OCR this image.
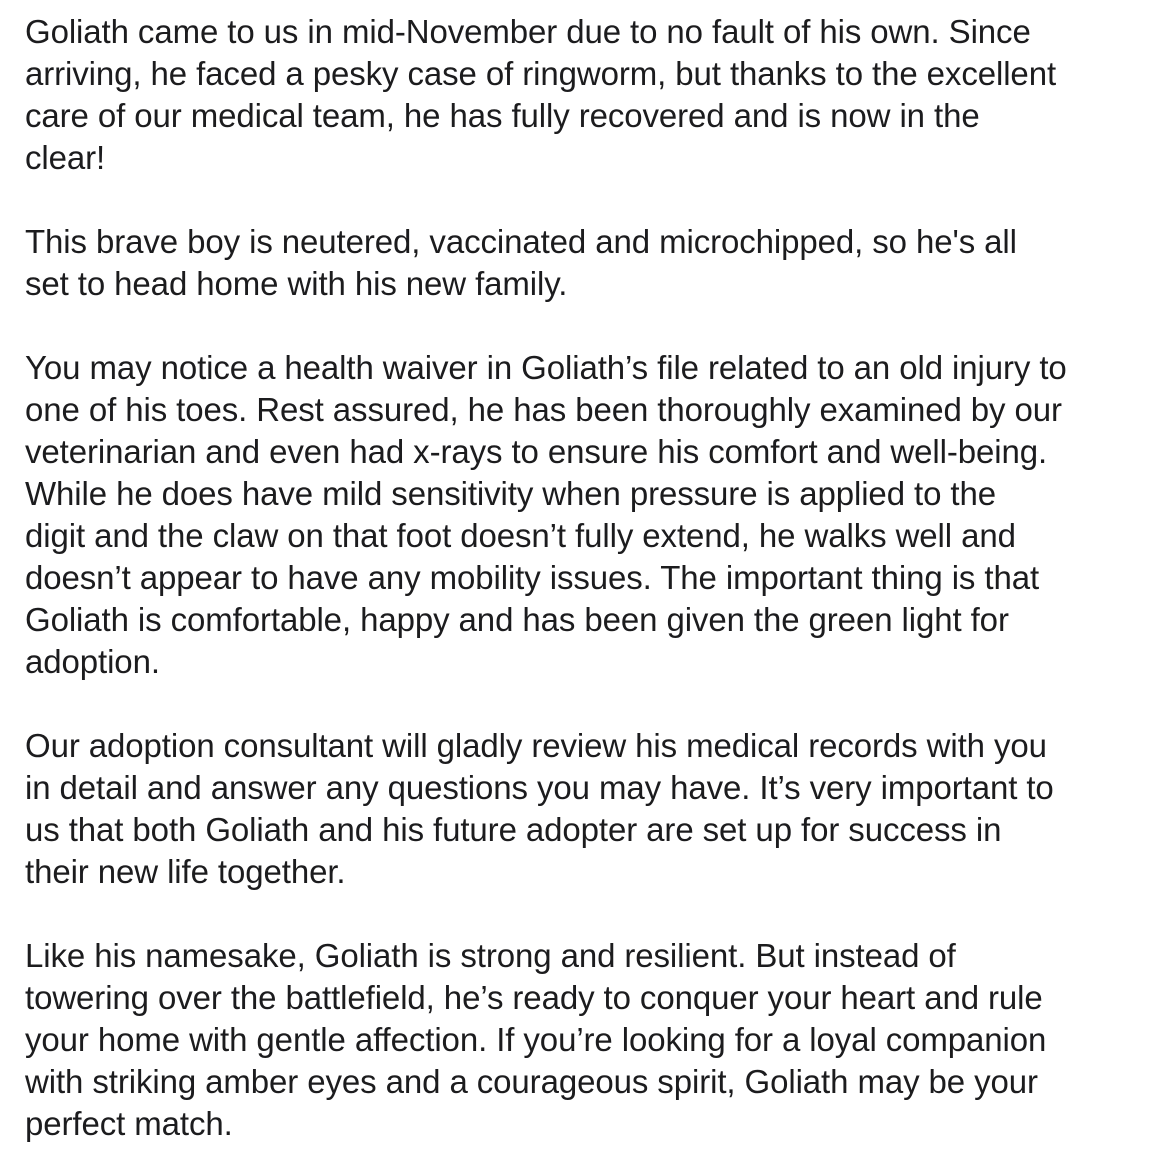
Goliath came to us in mid-November due to no fault of his own. Since
arriving, he faced a pesky case of ringworm, but thanks to the excellent
care of our medical team, he has fully recovered and is now in the
clear!
This brave boy is neutered, vaccinated and microchipped, so he's all
set to head home with his new family.
You may notice a health waiver in Goliath’s file related to an old injury to
one of his toes. Rest assured, he has been thoroughly examined by our
veterinarian and even had x-rays to ensure his comfort and well-being.
While he does have mild sensitivity when pressure is applied to the
digit and the claw on that foot doesn’t fully extend, he walks well and
doesn’t appear to have any mobility issues. The important thing is that
Goliath is comfortable, happy and has been given the green light for
adoption.
Our adoption consultant will gladly review his medical records with you
in detail and answer any questions you may have. It’s very important to
us that both Goliath and his future adopter are set up for success in
their new life together.
Like his namesake, Goliath is strong and resilient. But instead of
towering over the battlefield, he’s ready to conquer your heart and rule
your home with gentle affection. If you’re looking for a loyal companion
with striking amber eyes and a courageous spirit, Goliath may be your
perfect match.
